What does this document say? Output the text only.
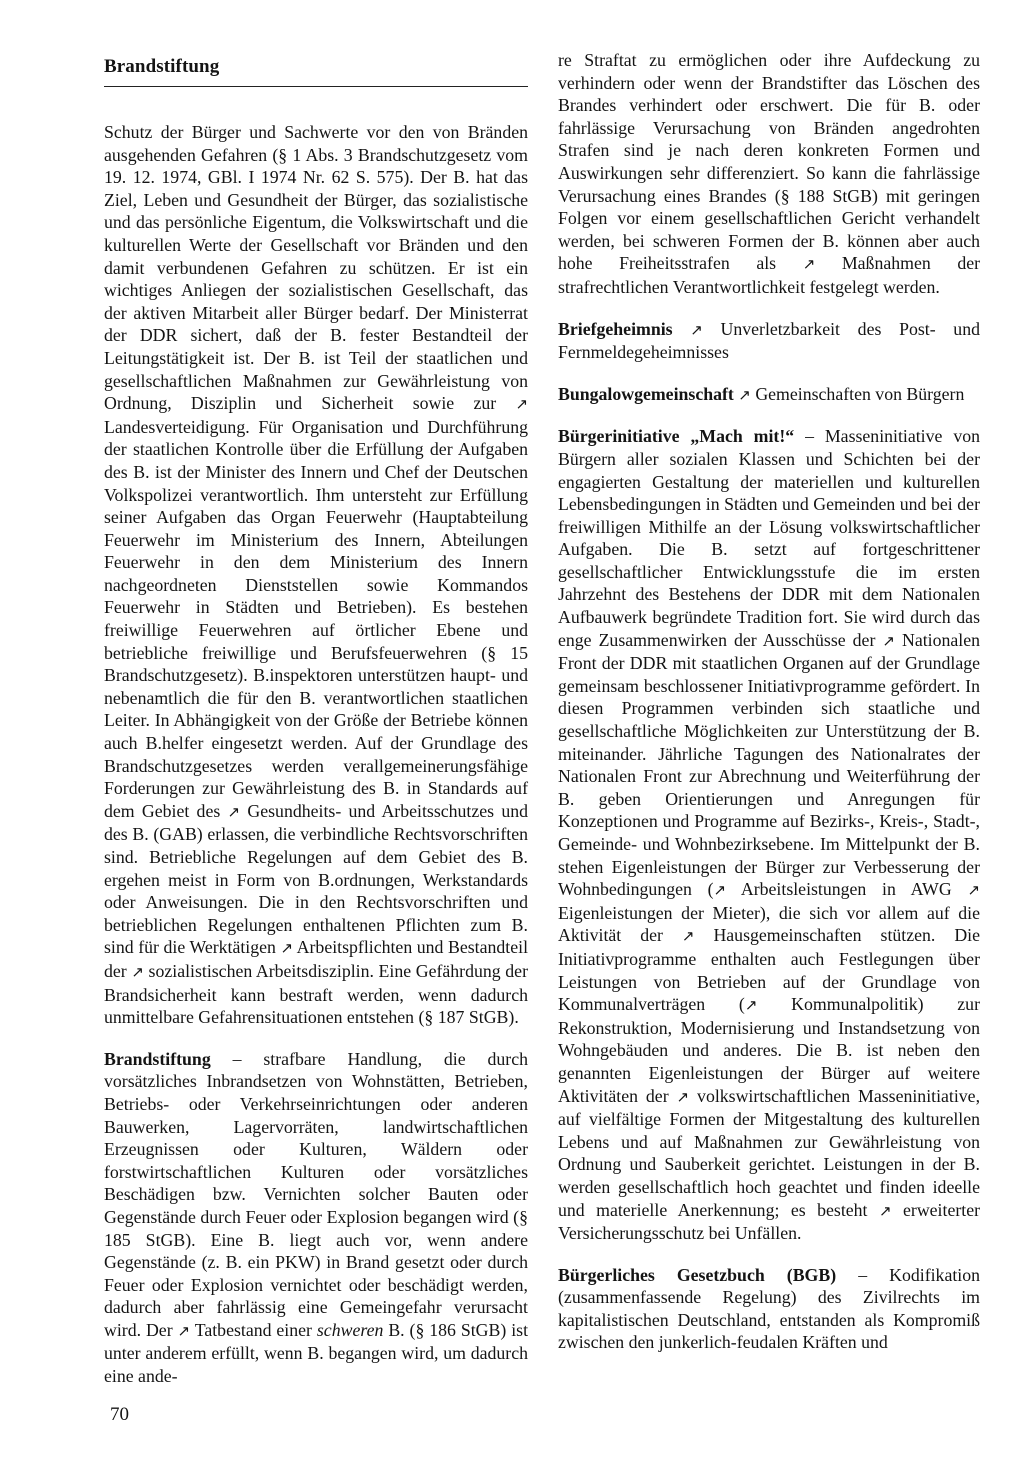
Brandstiftung

Schutz der Bürger und Sachwerte vor den von Bränden ausgehenden Gefahren (§ 1 Abs. 3 Brandschutzgesetz vom 19. 12. 1974, GBl. I 1974 Nr. 62 S. 575). Der B. hat das Ziel, Leben und Gesundheit der Bürger, das sozialistische und das persönliche Eigentum, die Volkswirtschaft und die kulturellen Werte der Gesellschaft vor Bränden und den damit verbundenen Gefahren zu schützen. Er ist ein wichtiges Anliegen der sozialistischen Gesellschaft, das der aktiven Mitarbeit aller Bürger bedarf. Der Ministerrat der DDR sichert, daß der B. fester Bestandteil der Leitungstätigkeit ist. Der B. ist Teil der staatlichen und gesellschaftlichen Maßnahmen zur Gewährleistung von Ordnung, Disziplin und Sicherheit sowie zur ↗ Landesverteidigung. Für Organisation und Durchführung der staatlichen Kontrolle über die Erfüllung der Aufgaben des B. ist der Minister des Innern und Chef der Deutschen Volkspolizei verantwortlich. Ihm untersteht zur Erfüllung seiner Aufgaben das Organ Feuerwehr (Hauptabteilung Feuerwehr im Ministerium des Innern, Abteilungen Feuerwehr in den dem Ministerium des Innern nachgeordneten Dienststellen sowie Kommandos Feuerwehr in Städten und Betrieben). Es bestehen freiwillige Feuerwehren auf örtlicher Ebene und betriebliche freiwillige und Berufsfeuerwehren (§ 15 Brandschutzgesetz). B.inspektoren unterstützen haupt- und nebenamtlich die für den B. verantwortlichen staatlichen Leiter. In Abhängigkeit von der Größe der Betriebe können auch B.helfer eingesetzt werden. Auf der Grundlage des Brandschutzgesetzes werden verallgemeinerungsfähige Forderungen zur Gewährleistung des B. in Standards auf dem Gebiet des ↗ Gesundheits- und Arbeitsschutzes und des B. (GAB) erlassen, die verbindliche Rechtsvorschriften sind. Betriebliche Regelungen auf dem Gebiet des B. ergehen meist in Form von B.ordnungen, Werkstandards oder Anweisungen. Die in den Rechtsvorschriften und betrieblichen Regelungen enthaltenen Pflichten zum B. sind für die Werktätigen ↗ Arbeitspflichten und Bestandteil der ↗ sozialistischen Arbeitsdisziplin. Eine Gefährdung der Brandsicherheit kann bestraft werden, wenn dadurch unmittelbare Gefahrensituationen entstehen (§ 187 StGB).

Brandstiftung – strafbare Handlung, die durch vorsätzliches Inbrandsetzen von Wohnstätten, Betrieben, Betriebs- oder Verkehrseinrichtungen oder anderen Bauwerken, Lagervorräten, landwirtschaftlichen Erzeugnissen oder Kulturen, Wäldern oder forstwirtschaftlichen Kulturen oder vorsätzliches Beschädigen bzw. Vernichten solcher Bauten oder Gegenstände durch Feuer oder Explosion begangen wird (§ 185 StGB). Eine B. liegt auch vor, wenn andere Gegenstände (z. B. ein PKW) in Brand gesetzt oder durch Feuer oder Explosion vernichtet oder beschädigt werden, dadurch aber fahrlässig eine Gemeingefahr verursacht wird. Der ↗ Tatbestand einer schweren B. (§ 186 StGB) ist unter anderem erfüllt, wenn B. begangen wird, um dadurch eine ande-

re Straftat zu ermöglichen oder ihre Aufdeckung zu verhindern oder wenn der Brandstifter das Löschen des Brandes verhindert oder erschwert. Die für B. oder fahrlässige Verursachung von Bränden angedrohten Strafen sind je nach deren konkreten Formen und Auswirkungen sehr differenziert. So kann die fahrlässige Verursachung eines Brandes (§ 188 StGB) mit geringen Folgen vor einem gesellschaftlichen Gericht verhandelt werden, bei schweren Formen der B. können aber auch hohe Freiheitsstrafen als ↗ Maßnahmen der strafrechtlichen Verantwortlichkeit festgelegt werden.

Briefgeheimnis ↗ Unverletzbarkeit des Post- und Fernmeldegeheimnisses

Bungalowgemeinschaft ↗ Gemeinschaften von Bürgern

Bürgerinitiative „Mach mit!“ – Masseninitiative von Bürgern aller sozialen Klassen und Schichten bei der engagierten Gestaltung der materiellen und kulturellen Lebensbedingungen in Städten und Gemeinden und bei der freiwilligen Mithilfe an der Lösung volkswirtschaftlicher Aufgaben. Die B. setzt auf fortgeschrittener gesellschaftlicher Entwicklungsstufe die im ersten Jahrzehnt des Bestehens der DDR mit dem Nationalen Aufbauwerk begründete Tradition fort. Sie wird durch das enge Zusammenwirken der Ausschüsse der ↗ Nationalen Front der DDR mit staatlichen Organen auf der Grundlage gemeinsam beschlossener Initiativprogramme gefördert. In diesen Programmen verbinden sich staatliche und gesellschaftliche Möglichkeiten zur Unterstützung der B. miteinander. Jährliche Tagungen des Nationalrates der Nationalen Front zur Abrechnung und Weiterführung der B. geben Orientierungen und Anregungen für Konzeptionen und Programme auf Bezirks-, Kreis-, Stadt-, Gemeinde- und Wohnbezirksebene. Im Mittelpunkt der B. stehen Eigenleistungen der Bürger zur Verbesserung der Wohnbedingungen (↗ Arbeitsleistungen in AWG ↗ Eigenleistungen der Mieter), die sich vor allem auf die Aktivität der ↗ Hausgemeinschaften stützen. Die Initiativprogramme enthalten auch Festlegungen über Leistungen von Betrieben auf der Grundlage von Kommunalverträgen (↗ Kommunalpolitik) zur Rekonstruktion, Modernisierung und Instandsetzung von Wohngebäuden und anderes. Die B. ist neben den genannten Eigenleistungen der Bürger auf weitere Aktivitäten der ↗ volkswirtschaftlichen Masseninitiative, auf vielfältige Formen der Mitgestaltung des kulturellen Lebens und auf Maßnahmen zur Gewährleistung von Ordnung und Sauberkeit gerichtet. Leistungen in der B. werden gesellschaftlich hoch geachtet und finden ideelle und materielle Anerkennung; es besteht ↗ erweiterter Versicherungsschutz bei Unfällen.

Bürgerliches Gesetzbuch (BGB) – Kodifikation (zusammenfassende Regelung) des Zivilrechts im kapitalistischen Deutschland, entstanden als Kompromiß zwischen den junkerlich-feudalen Kräften und

70
